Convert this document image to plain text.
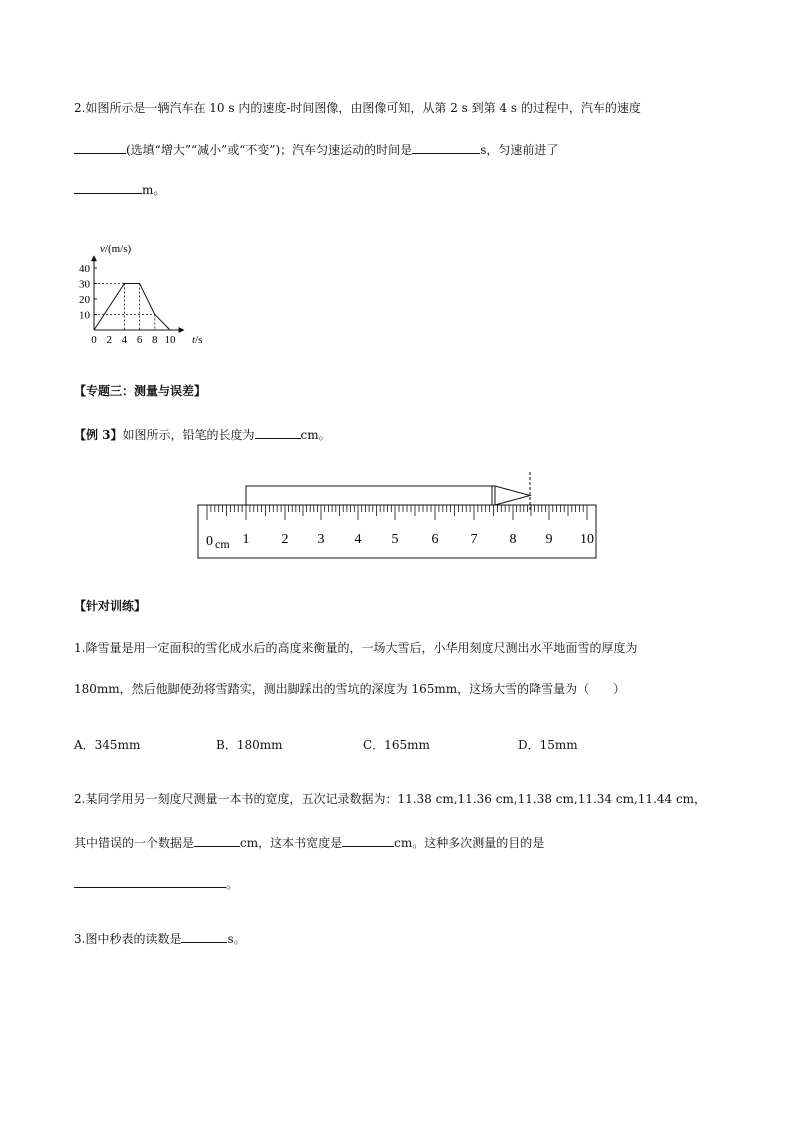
2.如图所示是一辆汽车在 10 s 内的速度-时间图像，由图像可知，从第 2 s 到第 4 s 的过程中，汽车的速度
(选填“增大”“减小”或“不变”)；汽车匀速运动的时间是	s，匀速前进了
m。
0 2 4 6 8 10
10
20
30
40
v/(m/s)
t/s
【专题三：测量与误差】
【例 3】如图所示，铅笔的长度为	cm。
1 2 3 4 5 6 7 8 9 10
0 cm
【针对训练】
1.降雪量是用一定面积的雪化成水后的高度来衡量的，一场大雪后，小华用刻度尺测出水平地面雪的厚度为
180mm，然后他脚使劲将雪踏实，测出脚踩出的雪坑的深度为 165mm，这场大雪的降雪量为（　　）
A．345mm	B．180mm	C．165mm	D．15mm
2.某同学用另一刻度尺测量一本书的宽度，五次记录数据为：11.38 cm,11.36 cm,11.38 cm,11.34 cm,11.44 cm，
其中错误的一个数据是	cm，这本书宽度是	cm。这种多次测量的目的是
。
3.图中秒表的读数是	s。
